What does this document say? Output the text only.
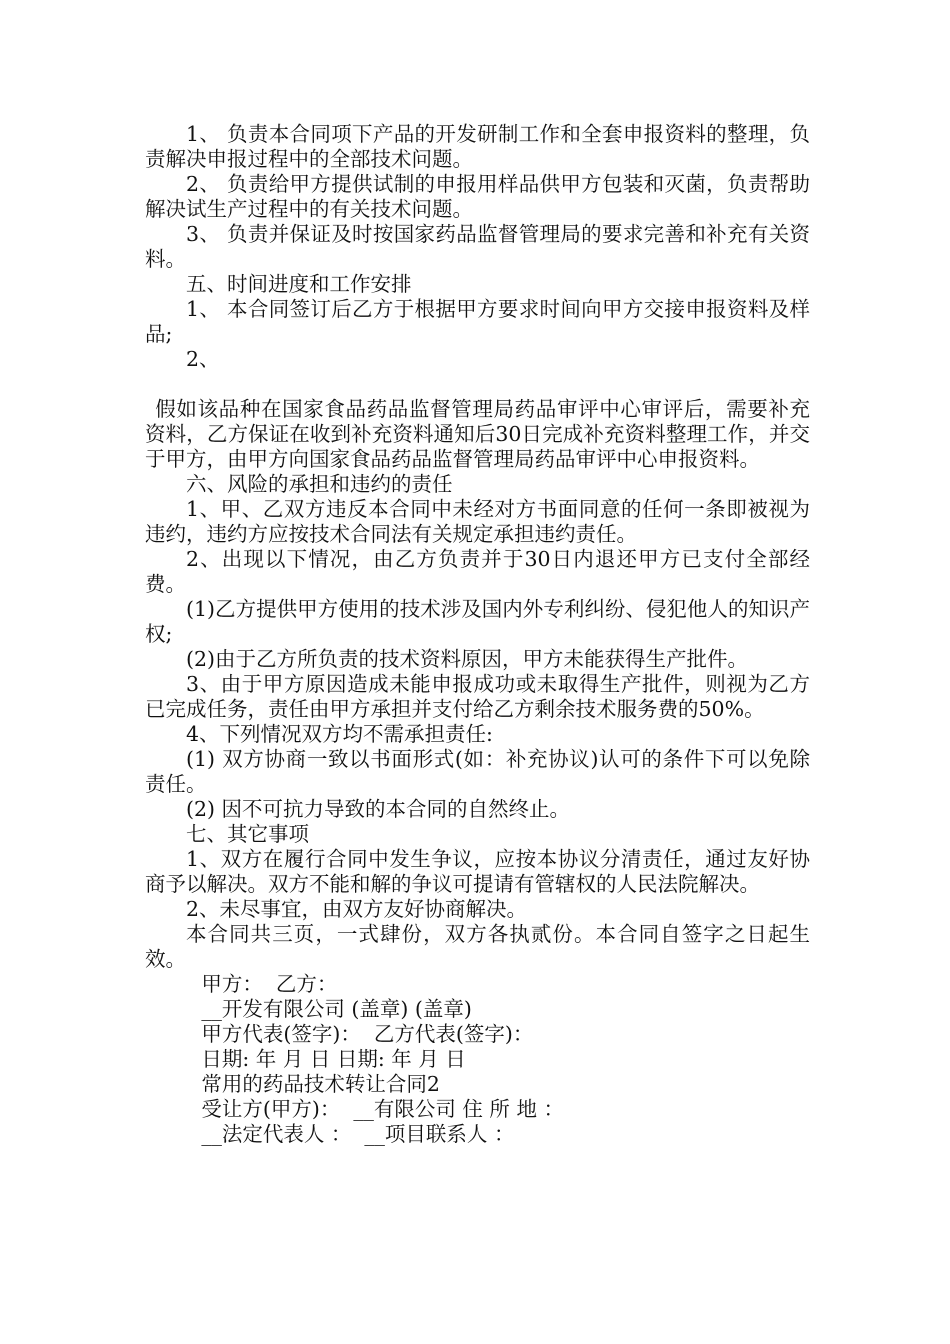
1、 负责本合同项下产品的开发研制工作和全套申报资料的整理，负责解决申报过程中的全部技术问题。

2、 负责给甲方提供试制的申报用样品供甲方包装和灭菌，负责帮助解决试生产过程中的有关技术问题。

3、 负责并保证及时按国家药品监督管理局的要求完善和补充有关资料。

五、时间进度和工作安排

1、 本合同签订后乙方于根据甲方要求时间向甲方交接申报资料及样品;

2、

假如该品种在国家食品药品监督管理局药品审评中心审评后，需要补充资料，乙方保证在收到补充资料通知后30日完成补充资料整理工作，并交于甲方，由甲方向国家食品药品监督管理局药品审评中心申报资料。

六、风险的承担和违约的责任

1、甲、乙双方违反本合同中未经对方书面同意的任何一条即被视为违约，违约方应按技术合同法有关规定承担违约责任。

2、出现以下情况，由乙方负责并于30日内退还甲方已支付全部经费。

(1)乙方提供甲方使用的技术涉及国内外专利纠纷、侵犯他人的知识产权;

(2)由于乙方所负责的技术资料原因，甲方未能获得生产批件。

3、由于甲方原因造成未能申报成功或未取得生产批件，则视为乙方已完成任务，责任由甲方承担并支付给乙方剩余技术服务费的50%。

4、下列情况双方均不需承担责任:

(1) 双方协商一致以书面形式(如：补充协议)认可的条件下可以免除责任。

(2) 因不可抗力导致的本合同的自然终止。

七、其它事项

1、双方在履行合同中发生争议，应按本协议分清责任，通过友好协商予以解决。双方不能和解的争议可提请有管辖权的人民法院解决。

2、未尽事宜，由双方友好协商解决。

本合同共三页，一式肆份，双方各执贰份。本合同自签字之日起生效。

甲方：  乙方：

__开发有限公司 (盖章) (盖章)

甲方代表(签字)：  乙方代表(签字)：

日期: 年 月 日 日期: 年 月 日

常用的药品技术转让合同2

受让方(甲方)：  __有限公司 住 所 地 ：

__法定代表人 ：  __项目联系人 ：
